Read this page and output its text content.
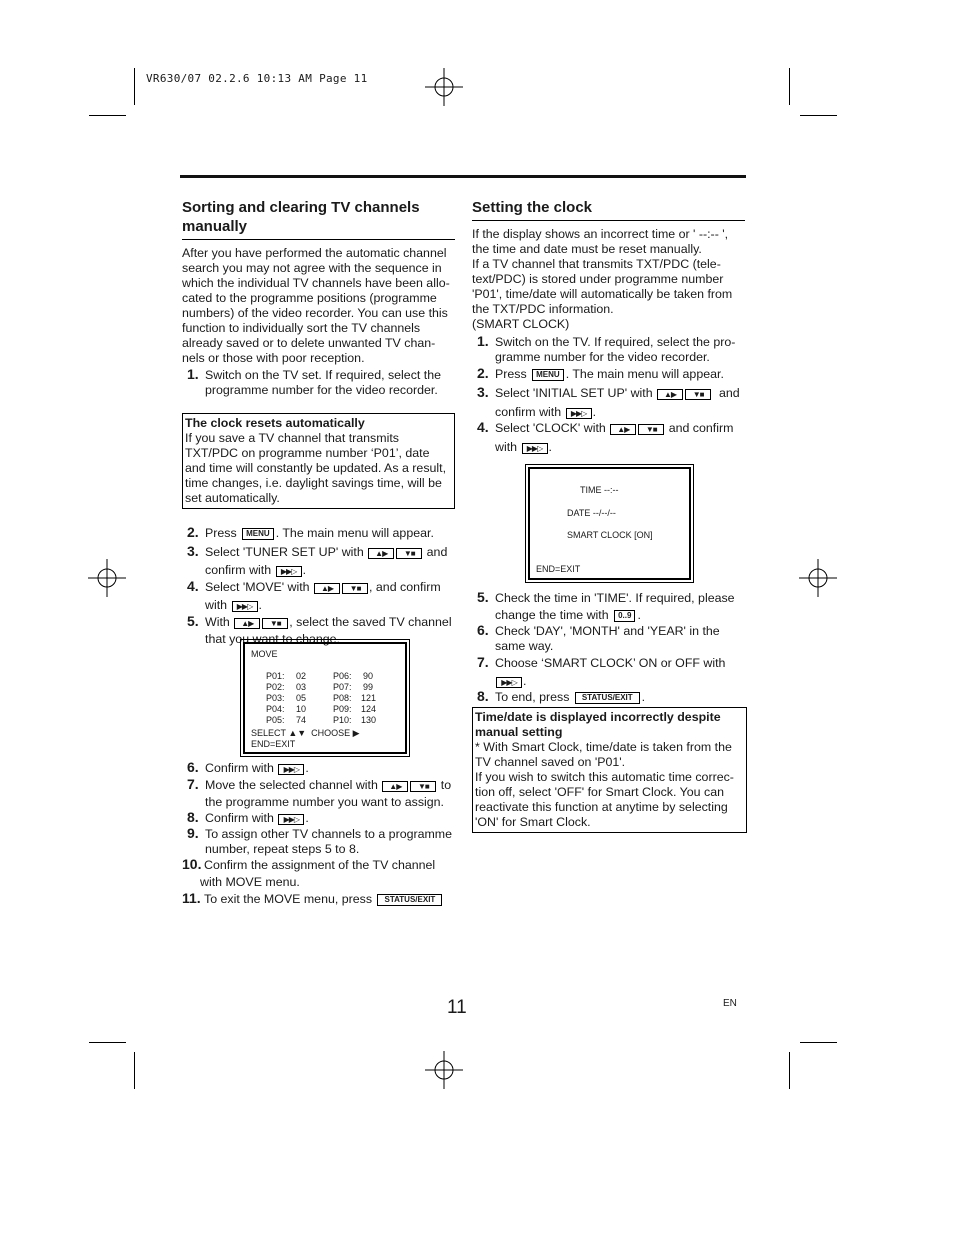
VR630/07 02.2.6 10:13 AM Page 11
Sorting and clearing TV channels
manually
After you have performed the automatic channel
search you may not agree with the sequence in
which the individual TV channels have been allo-
cated to the programme positions (programme
numbers) of the video recorder. You can use this
function to individually sort the TV channels
already saved or to delete unwanted TV chan-
nels or those with poor reception.
1. Switch on the TV set. If required, select the
programme number for the video recorder.
The clock resets automatically
If you save a TV channel that transmits
TXT/PDC on programme number ‘P01’, date
and time will constantly be updated. As a result,
time changes, i.e. daylight savings time, will be
set automatically.
2. Press MENU . The main menu will appear.
3. Select 'TUNER SET UP' with ▲▶ ▼■ and
confirm with ▶▶▷ .
4. Select 'MOVE' with ▲▶ ▼■ , and confirm
with ▶▶▷ .
5. With ▲▶ ▼■ , select the saved TV channel
that you want to change.
MOVE
P01: 02	P06: 90
P02: 03	P07: 99
P03: 05	P08: 121
P04: 10	P09: 124
P05: 74	P10: 130
SELECT ▲▼  CHOOSE ▶
END=EXIT
6. Confirm with ▶▶▷ .
7. Move the selected channel with ▲▶ ▼■ to
the programme number you want to assign.
8. Confirm with ▶▶▷ .
9. To assign other TV channels to a programme
number, repeat steps 5 to 8.
10. Confirm the assignment of the TV channel
with MOVE menu.
11. To exit the MOVE menu, press STATUS/EXIT
Setting the clock
If the display shows an incorrect time or ' --:-- ',
the time and date must be reset manually.
If a TV channel that transmits TXT/PDC (tele-
text/PDC) is stored under programme number
'P01', time/date will automatically be taken from
the TXT/PDC information.
(SMART CLOCK)
1. Switch on the TV. If required, select the pro-
gramme number for the video recorder.
2. Press MENU . The main menu will appear.
3. Select 'INITIAL SET UP' with ▲▶ ▼■ and
confirm with ▶▶▷ .
4. Select 'CLOCK' with ▲▶ ▼■ and confirm
with ▶▶▷ .
TIME --:--
DATE --/--/--
SMART CLOCK [ON]
END=EXIT
5. Check the time in 'TIME'. If required, please
change the time with 0..9 .
6. Check 'DAY', 'MONTH' and 'YEAR' in the
same way.
7. Choose ‘SMART CLOCK’ ON or OFF with
▶▶▷ .
8. To end, press STATUS/EXIT .
Time/date is displayed incorrectly despite
manual setting
* With Smart Clock, time/date is taken from the
TV channel saved on 'P01'.
If you wish to switch this automatic time correc-
tion off, select 'OFF' for Smart Clock. You can
reactivate this function at anytime by selecting
'ON' for Smart Clock.
11	EN
